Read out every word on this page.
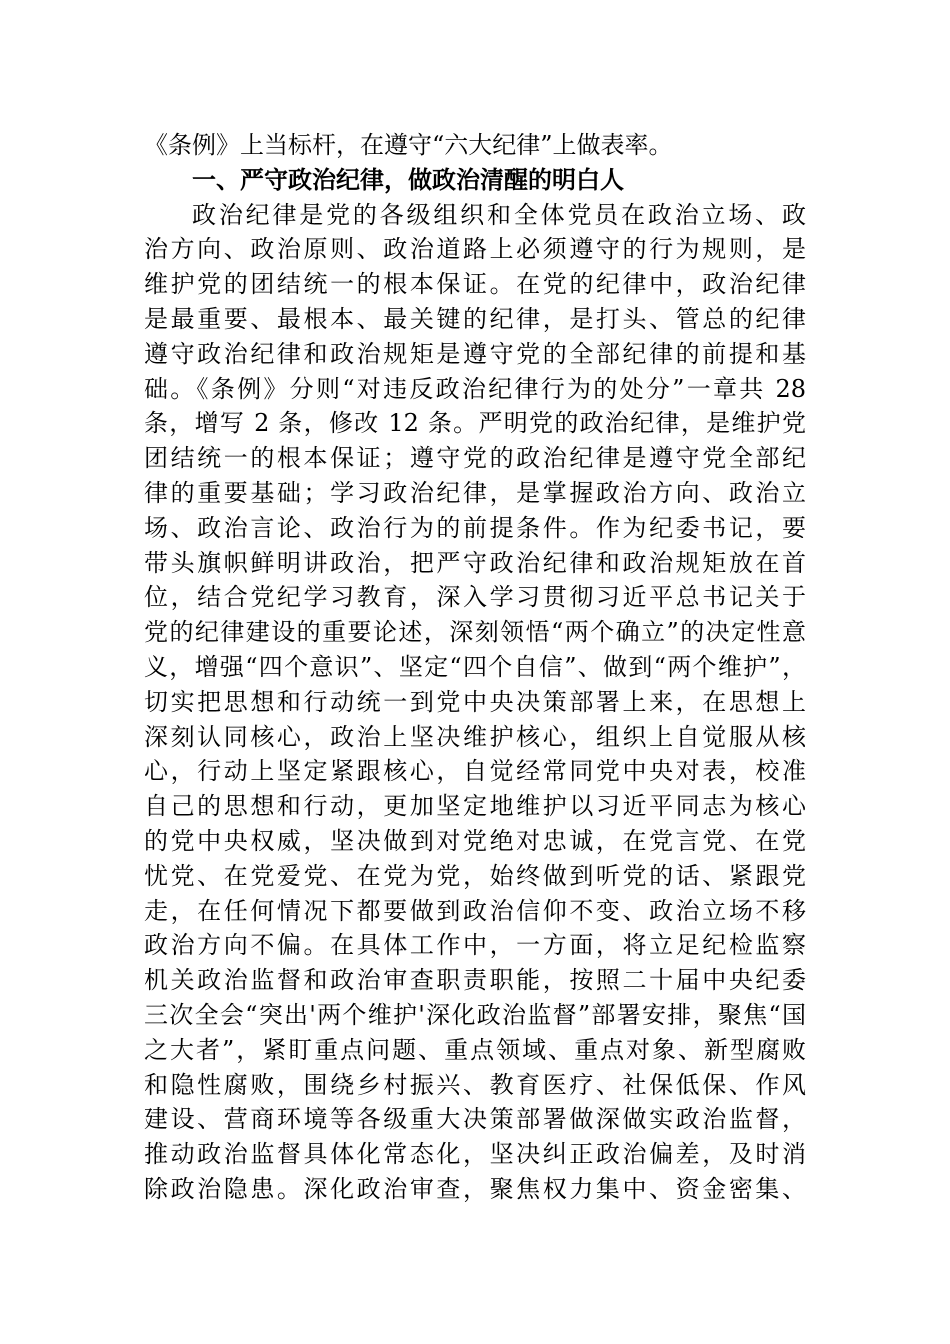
《条例》上当标杆，在遵守“六大纪律”上做表率。
一、严守政治纪律，做政治清醒的明白人
政治纪律是党的各级组织和全体党员在政治立场、政
治方向、政治原则、政治道路上必须遵守的行为规则，是
维护党的团结统一的根本保证。在党的纪律中，政治纪律
是最重要、最根本、最关键的纪律，是打头、管总的纪律
遵守政治纪律和政治规矩是遵守党的全部纪律的前提和基
础。《条例》分则“对违反政治纪律行为的处分”一章共 28
条，增写 2 条，修改 12 条。严明党的政治纪律，是维护党
团结统一的根本保证；遵守党的政治纪律是遵守党全部纪
律的重要基础；学习政治纪律，是掌握政治方向、政治立
场、政治言论、政治行为的前提条件。作为纪委书记，要
带头旗帜鲜明讲政治，把严守政治纪律和政治规矩放在首
位，结合党纪学习教育，深入学习贯彻习近平总书记关于
党的纪律建设的重要论述，深刻领悟“两个确立”的决定性意
义，增强“四个意识”、坚定“四个自信”、做到“两个维护”，
切实把思想和行动统一到党中央决策部署上来，在思想上
深刻认同核心，政治上坚决维护核心，组织上自觉服从核
心，行动上坚定紧跟核心，自觉经常同党中央对表，校准
自己的思想和行动，更加坚定地维护以习近平同志为核心
的党中央权威，坚决做到对党绝对忠诚，在党言党、在党
忧党、在党爱党、在党为党，始终做到听党的话、紧跟党
走，在任何情况下都要做到政治信仰不变、政治立场不移
政治方向不偏。在具体工作中，一方面，将立足纪检监察
机关政治监督和政治审查职责职能，按照二十届中央纪委
三次全会“突出'两个维护'深化政治监督”部署安排，聚焦“国
之大者”，紧盯重点问题、重点领域、重点对象、新型腐败
和隐性腐败，围绕乡村振兴、教育医疗、社保低保、作风
建设、营商环境等各级重大决策部署做深做实政治监督，
推动政治监督具体化常态化，坚决纠正政治偏差，及时消
除政治隐患。深化政治审查，聚焦权力集中、资金密集、
